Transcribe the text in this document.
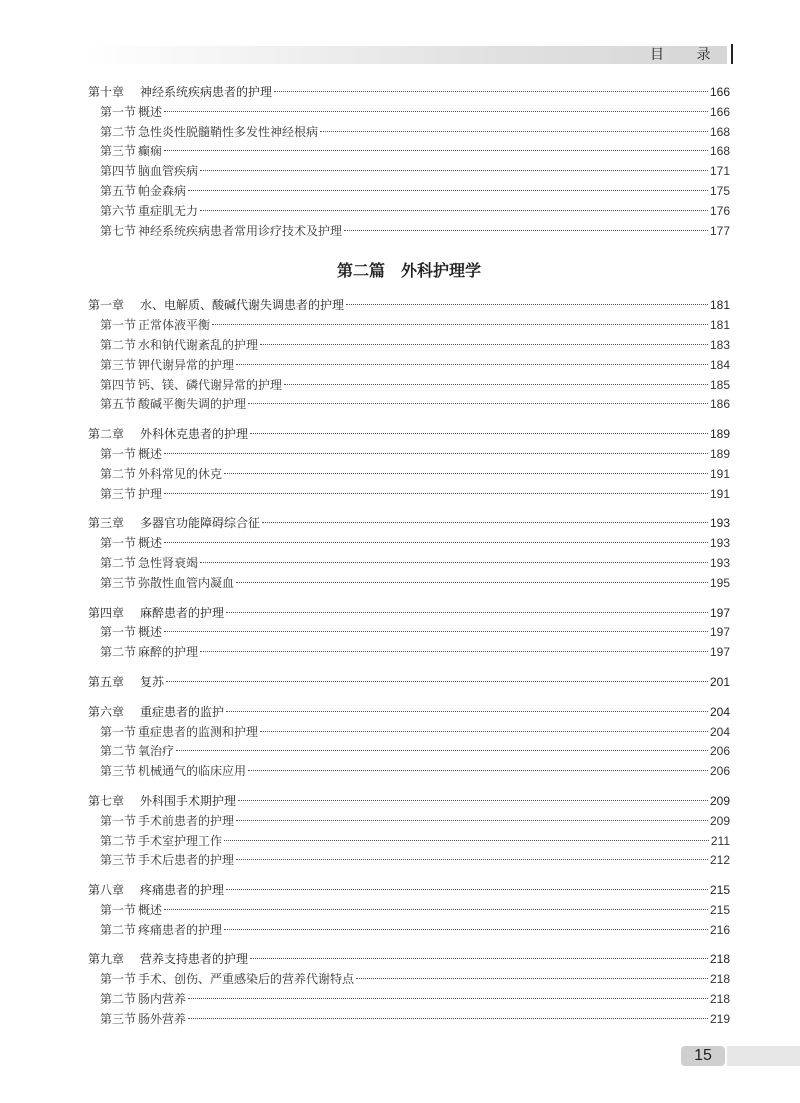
目 录
第十章	神经系统疾病患者的护理	166
第一节 概述	166
第二节 急性炎性脱髓鞘性多发性神经根病	168
第三节 癫痫	168
第四节 脑血管疾病	171
第五节 帕金森病	175
第六节 重症肌无力	176
第七节 神经系统疾病患者常用诊疗技术及护理	177
第二篇　外科护理学
第一章	水、电解质、酸碱代谢失调患者的护理	181
第一节 正常体液平衡	181
第二节 水和钠代谢紊乱的护理	183
第三节 钾代谢异常的护理	184
第四节 钙、镁、磷代谢异常的护理	185
第五节 酸碱平衡失调的护理	186
第二章	外科休克患者的护理	189
第一节 概述	189
第二节 外科常见的休克	191
第三节 护理	191
第三章	多器官功能障碍综合征	193
第一节 概述	193
第二节 急性肾衰竭	193
第三节 弥散性血管内凝血	195
第四章	麻醉患者的护理	197
第一节 概述	197
第二节 麻醉的护理	197
第五章	复苏	201
第六章	重症患者的监护	204
第一节 重症患者的监测和护理	204
第二节 氧治疗	206
第三节 机械通气的临床应用	206
第七章	外科围手术期护理	209
第一节 手术前患者的护理	209
第二节 手术室护理工作	211
第三节 手术后患者的护理	212
第八章	疼痛患者的护理	215
第一节 概述	215
第二节 疼痛患者的护理	216
第九章	营养支持患者的护理	218
第一节 手术、创伤、严重感染后的营养代谢特点	218
第二节 肠内营养	218
第三节 肠外营养	219
15
